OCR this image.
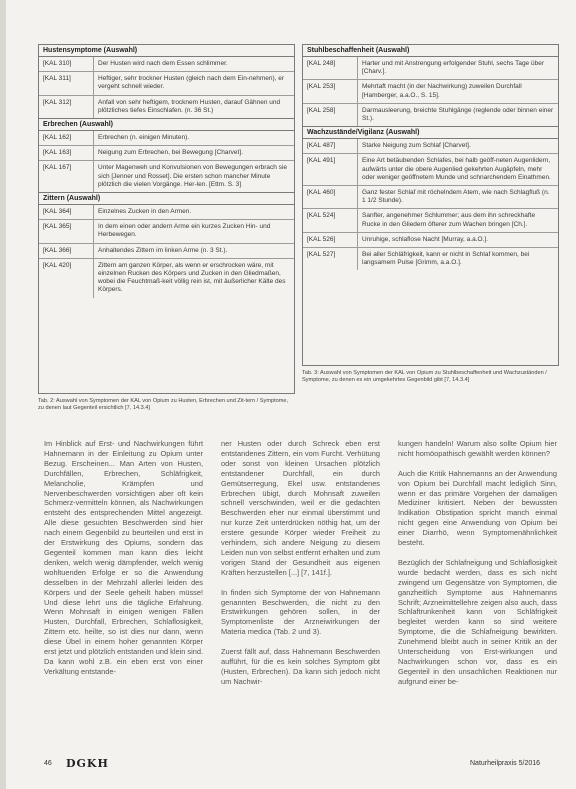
Hustensymptome (Auswahl)
[KAL 310]	Der Husten wird nach dem Essen schlimmer.
[KAL 311]	Heftiger, sehr trockner Husten (gleich nach dem Ein-nehmen), er vergeht schnell wieder.
[KAL 312]	Anfall von sehr heftigem, trocknem Husten, darauf Gähnen und plötzliches tiefes Einschlafen. (n. 36 St.)
Erbrechen (Auswahl)
[KAL 162]	Erbrechen (n. einigen Minuten).
[KAL 163]	Neigung zum Erbrechen, bei Bewegung [Charvet].
[KAL 167]	Unter Magenweh und Konvulsionen von Bewegungen erbrach sie sich [Jenner und Rosset]. Die ersten schon mancher Minute plötzlich die vielen Vorgänge. Her-len. [Ettm. S. 3]
Zittern (Auswahl)
[KAL 364]	Einzelnes Zucken in den Armen.
[KAL 365]	In dem einen oder andern Arme ein kurzes Zucken Hin- und Herbewegen.
[KAL 366]	Anhaltendes Zittern im linken Arme (n. 3 St.).
[KAL 420]	Zittern am ganzen Körper, als wenn er erschrocken wäre, mit einzelnen Rucken des Körpers und Zucken in den Gliedmaßen, wobei die Feuchtmaß-keit völlig rein ist, mit äußerlicher Kälte des Körpers.
Tab. 2: Auswahl von Symptomen der KAL von Opium zu Husten, Erbrechen und Zit-tern / Symptome, zu denen laut Gegenteil ersichtlich [7, 14.3.4]
Stuhlbeschaffenheit (Auswahl)
[KAL 248]	Harter und mit Anstrengung erfolgender Stuhl, sechs Tage über [Charv.].
[KAL 253]	Mehrtaft macht (in der Nachwirkung) zuweilen Durchfall [Hamberger, a.a.O., S. 15].
[KAL 258]	Darmausleerung, breichte Stuhlgänge (reglende oder binnen einer St.).
Wachzustände/Vigilanz (Auswahl)
[KAL 487]	Starke Neigung zum Schlaf [Charvet].
[KAL 491]	Eine Art betäubenden Schlafes, bei halb geöff-neten Augenlidern, aufwärts unter die obere Augenlied gekehrten Augäpfeln, mehr oder weniger geöffnetem Munde und schnarchendem Einathmen.
[KAL 460]	Ganz fester Schlaf mit röchelndem Atem, wie nach Schlagfluß (n. 1 1/2 Stunde).
[KAL 524]	Sanfter, angenehmer Schlummer; aus dem ihn schreckhafte Rucke in den Gliedern öfterer zum Wachen bringen [Ch.].
[KAL 526]	Unruhige, schlaflose Nacht [Murray, a.a.O.].
[KAL 527]	Bei aller Schläfrigkeit, kann er nicht in Schlaf kommen, bei langsamem Pulse [Grimm, a.a.O.].
Tab. 3: Auswahl von Symptomen der KAL von Opium zu Stuhlbeschaffenheit und Wachzuständen / Symptome, zu denen es ein umgekehrtes Gegenbild gibt [7, 14.3.4]
Im Hinblick auf Erst- und Nachwirkungen führt Hahnemann in der Einleitung zu Opium unter Bezug. Erscheinen... Man Arten von Husten, Durchfällen, Erbrechen, Schläfrigkeit, Melancholie, Krämpfen und Nervenbeschwerden vorsichtigen aber oft kein Schmerz-vermitteln können, als Nachwirkungen entsteht des entsprechenden Mittel angezeigt. Alle diese gesuchten Beschwerden sind hier nach einem Gegenbild zu beurteilen und erst in der Erstwirkung des Opiums, sondern das Gegenteil kommen man kann dies leicht denken, welch wenig dämpfender, welch wenig wohltuenden Erfolge er so die Anwendung desselben in der Mehrzahl allerlei leiden des Körpers und der Seele geheilt haben müsse! Und diese lehrt uns die tägliche Erfahrung. Wenn Mohnsaft in einigen wenigen Fällen Husten, Durchfall, Erbrechen, Schlaflosigkeit, Zittern etc. heilte, so ist dies nur dann, wenn diese Übel in einem hoher genannten Körper erst jetzt und plötzlich entstanden und klein sind. Da kann wohl z.B. ein eben erst von einer Verkältung entstande-
ner Husten oder durch Schreck eben erst entstandenes Zittern, ein vom Furcht. Verhütung oder sonst von kleinen Ursachen plötzlich entstandener Durchfall, ein durch Gemütserregung, Ekel usw. entstandenes Erbrechen übigt, durch Mohnsaft zuweilen schnell verschwinden, weil er die gedachten Beschwerden eher nur einmal überstimmt und nur kurze Zeit unterdrücken nöthig hat, um der erstere gesunde Körper wieder Freiheit zu verhindern, sich andere Neigung zu diesem Leiden nun von selbst entfernt erhalten und zum vorigen Stand der Gesundheit aus eigenen Kräften herzustellen [...] [7, 141f.].

In finden sich Symptome der von Hahnemann genannten Beschwerden, die nicht zu den Erstwirkungen gehören sollen, in der Symptomenliste der Arzneiwirkungen der Materia medica (Tab. 2 und 3).

Zuerst fällt auf, dass Hahnemann Beschwerden aufführt, für die es kein solches Symptom gibt (Husten, Erbrechen). Da kann sich jedoch nicht um Nachwir-
kungen handeln! Warum also sollte Opium hier nicht homöopathisch gewählt werden können?

Auch die Kritik Hahnemanns an der Anwendung von Opium bei Durchfall macht lediglich Sinn, wenn er das primäre Vorgehen der damaligen Mediziner kritisiert. Neben der bewussten Indikation Obstipation spricht manch einmal nicht gegen eine Anwendung von Opium bei einer Diarrhö, wenn Symptomenähnlichkeit besteht.

Bezüglich der Schlafneigung und Schlaflosigkeit wurde bedacht werden, dass es sich nicht zwingend um Gegensätze von Symptomen, die ganzheitlich Symptome aus Hahnemanns Schrift; Arzneimittellehre zeigen also auch, dass Schlaftrunkenheit kann von Schläfrigkeit begleitet werden kann so sind weitere Symptome, die die Schlafneigung bewirkten. Zunehmend bleibt auch in seiner Kritik an der Unterscheidung von Erst-wirkungen und Nachwirkungen schon vor, dass es ein Gegenteil in den unsachlichen Reaktionen nur aufgrund einer be-
46 DGKH	Naturheilpraxis 5/2016
